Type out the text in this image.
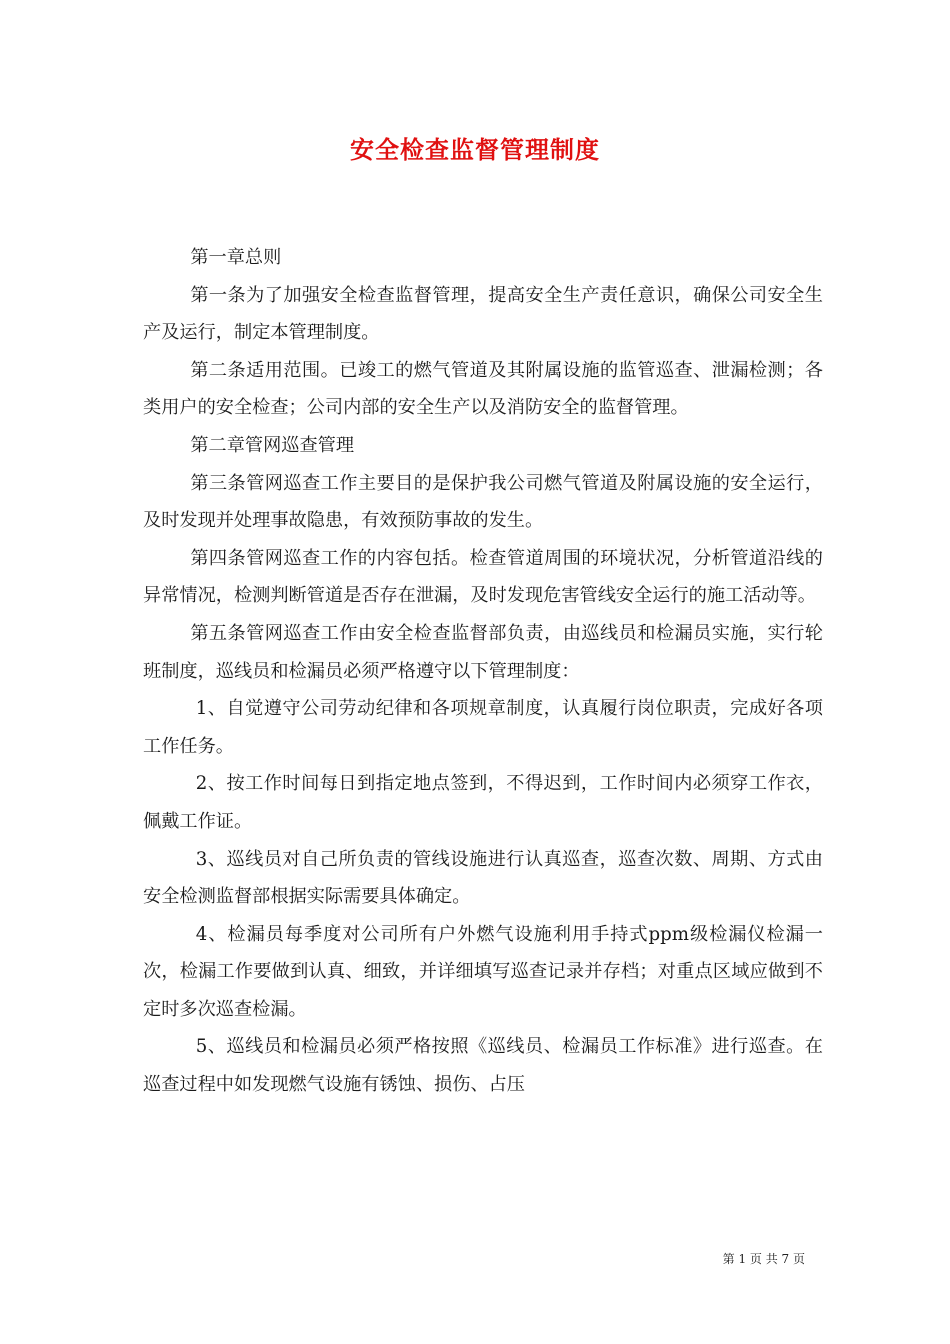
安全检查监督管理制度

第一章总则

第一条为了加强安全检查监督管理，提高安全生产责任意识，确保公司安全生产及运行，制定本管理制度。

第二条适用范围。已竣工的燃气管道及其附属设施的监管巡查、泄漏检测；各类用户的安全检查；公司内部的安全生产以及消防安全的监督管理。

第二章管网巡查管理

第三条管网巡查工作主要目的是保护我公司燃气管道及附属设施的安全运行，及时发现并处理事故隐患，有效预防事故的发生。

第四条管网巡查工作的内容包括。检查管道周围的环境状况，分析管道沿线的异常情况，检测判断管道是否存在泄漏，及时发现危害管线安全运行的施工活动等。

第五条管网巡查工作由安全检查监督部负责，由巡线员和检漏员实施，实行轮班制度，巡线员和检漏员必须严格遵守以下管理制度：

1、自觉遵守公司劳动纪律和各项规章制度，认真履行岗位职责，完成好各项工作任务。

2、按工作时间每日到指定地点签到，不得迟到，工作时间内必须穿工作衣，佩戴工作证。

3、巡线员对自己所负责的管线设施进行认真巡查，巡查次数、周期、方式由安全检测监督部根据实际需要具体确定。

4、检漏员每季度对公司所有户外燃气设施利用手持式ppm级检漏仪检漏一次，检漏工作要做到认真、细致，并详细填写巡查记录并存档；对重点区域应做到不定时多次巡查检漏。

5、巡线员和检漏员必须严格按照《巡线员、检漏员工作标准》进行巡查。在巡查过程中如发现燃气设施有锈蚀、损伤、占压

第 1 页 共 7 页
